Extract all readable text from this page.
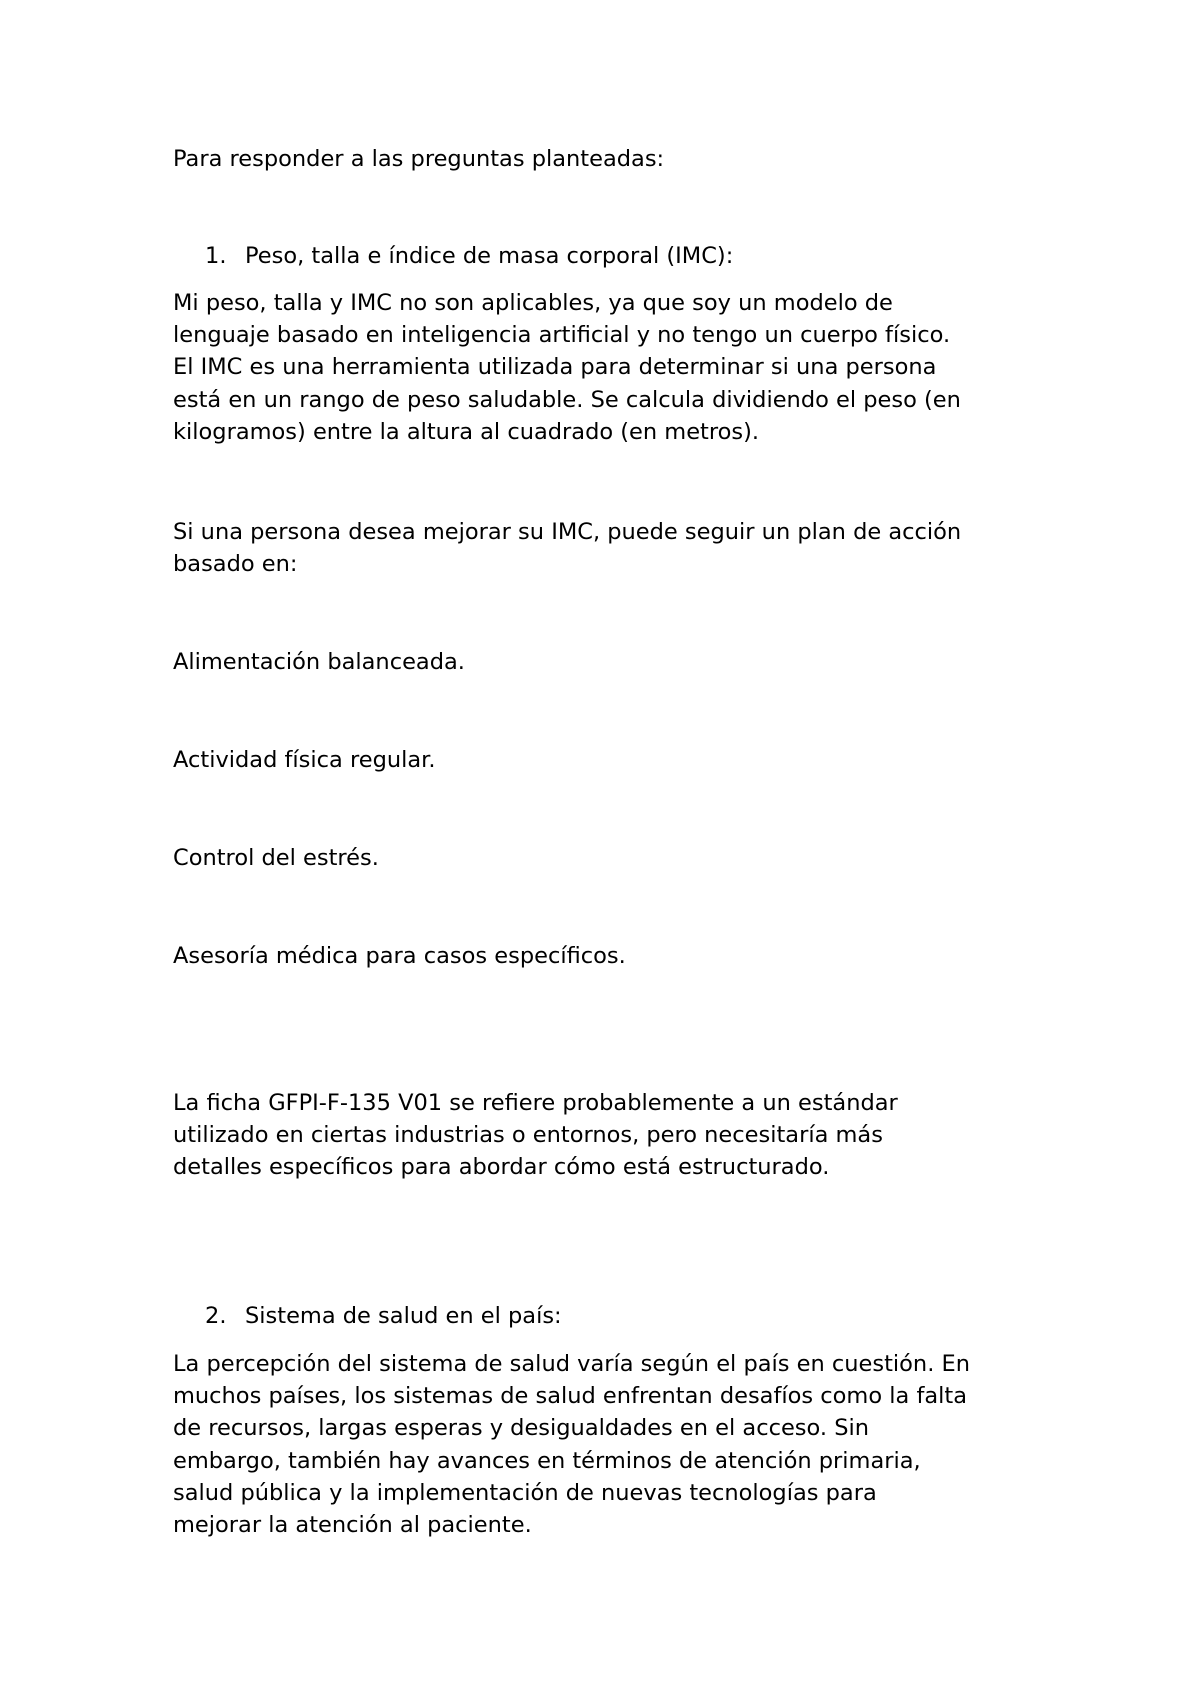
Para responder a las preguntas planteadas:

1. Peso, talla e índice de masa corporal (IMC):

Mi peso, talla y IMC no son aplicables, ya que soy un modelo de
lenguaje basado en inteligencia artificial y no tengo un cuerpo físico.
El IMC es una herramienta utilizada para determinar si una persona
está en un rango de peso saludable. Se calcula dividiendo el peso (en
kilogramos) entre la altura al cuadrado (en metros).
Si una persona desea mejorar su IMC, puede seguir un plan de acción
basado en:

Alimentación balanceada.

Actividad física regular.

Control del estrés.

Asesoría médica para casos específicos.

La ficha GFPI-F-135 V01 se refiere probablemente a un estándar
utilizado en ciertas industrias o entornos, pero necesitaría más
detalles específicos para abordar cómo está estructurado.

2. Sistema de salud en el país:

La percepción del sistema de salud varía según el país en cuestión. En
muchos países, los sistemas de salud enfrentan desafíos como la falta
de recursos, largas esperas y desigualdades en el acceso. Sin
embargo, también hay avances en términos de atención primaria,
salud pública y la implementación de nuevas tecnologías para
mejorar la atención al paciente.
